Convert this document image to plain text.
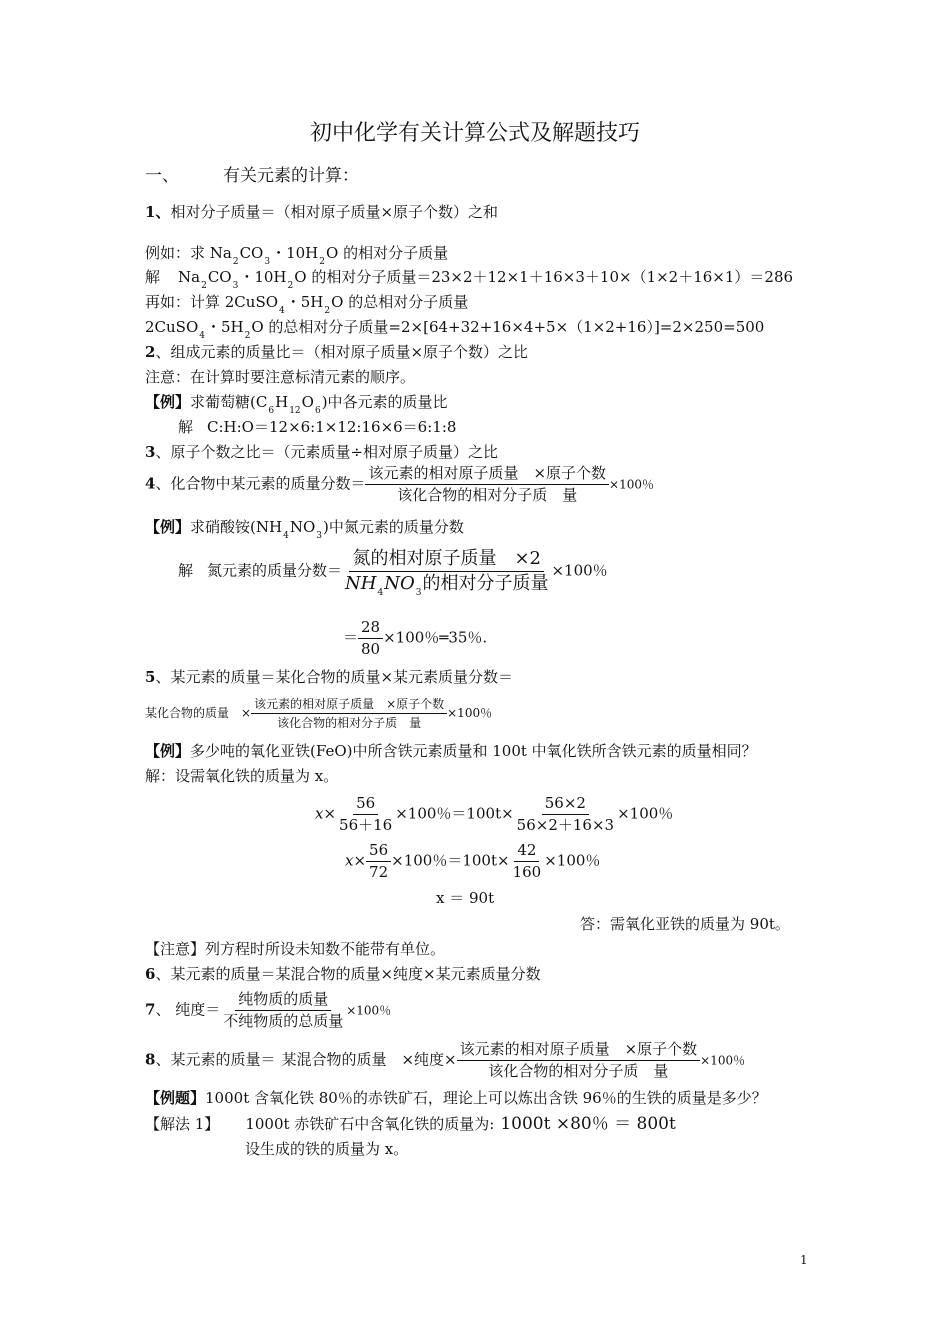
初中化学有关计算公式及解题技巧
一、	有关元素的计算：
1、相对分子质量＝（相对原子质量×原子个数）之和
例如：求 $Na_2CO_3$・$10H_2O$ 的相对分子质量
解 $Na_2CO_3$・$10H_2O$ 的相对分子质量＝23×2＋12×1＋16×3＋10×（1×2＋16×1）＝286
再如：计算 2CuSO$_4$・$5H_2O$ 的总相对分子质量
2CuSO$_4$・$5H_2O$ 的总相对分子质量=2×[64+32+16×4+5×（1×2+16）]=2×250=500
2、组成元素的质量比＝（相对原子质量×原子个数）之比
注意：在计算时要注意标清元素的顺序。
【例】求葡萄糖$(C_6H_{12}O_6)$中各元素的质量比
解 C:H:O＝12×6:1×12:16×6＝6:1:8
3、原子个数之比＝（元素质量÷相对原子质量）之比
4、化合物中某元素的质量分数＝ $\frac{\text{该元素的相对原子质量　×原子个数}}{\text{该化合物的相对分子质　量}} \times 100$％
【例】求硝酸铵$(NH_4NO_3)$中氮元素的质量分数
解 氮元素的质量分数＝ $\frac{\text{氮的相对原子质量　×2}}{NH_4NO_3的相对分子质量} \times 100$％
＝ $\frac{28}{80} \times 100$％═35％.
5、某元素的质量＝某化合物的质量×某元素质量分数＝
某化合物的质量　× $\frac{\text{该元素的相对原子质量　×原子个数}}{\text{该化合物的相对分子质　量}} \times 100$％
【例】多少吨的氧化亚铁(FeO)中所含铁元素质量和 100t 中氧化铁所含铁元素的质量相同？
解：设需氧化铁的质量为 x。
$x\times \frac{56}{56+16} \times 100$％$=100t\times \frac{56\times 2}{56\times 2+16\times 3} \times 100$％
$x\times \frac{56}{72} \times 100$％$=100t\times \frac{42}{160} \times 100$％
x ＝ 90t
答：需氧化亚铁的质量为 90t。
【注意】列方程时所设未知数不能带有单位。
6、某元素的质量＝某混合物的质量×纯度×某元素质量分数
7、 纯度＝ $\frac{\text{纯物质的质量}}{\text{不纯物质的总质量}} \times 100$％
8、某元素的质量＝ 某混合物的质量　×纯度× $\frac{\text{该元素的相对原子质量　×原子个数}}{\text{该化合物的相对分子质　量}} \times 100$％
【例题】1000t 含氧化铁 80％的赤铁矿石，理论上可以炼出含铁 96％的生铁的质量是多少？
【解法 1】 1000t 赤铁矿石中含氧化铁的质量为: 1000t ×80％ ＝ 800t
设生成的铁的质量为 x。
1
